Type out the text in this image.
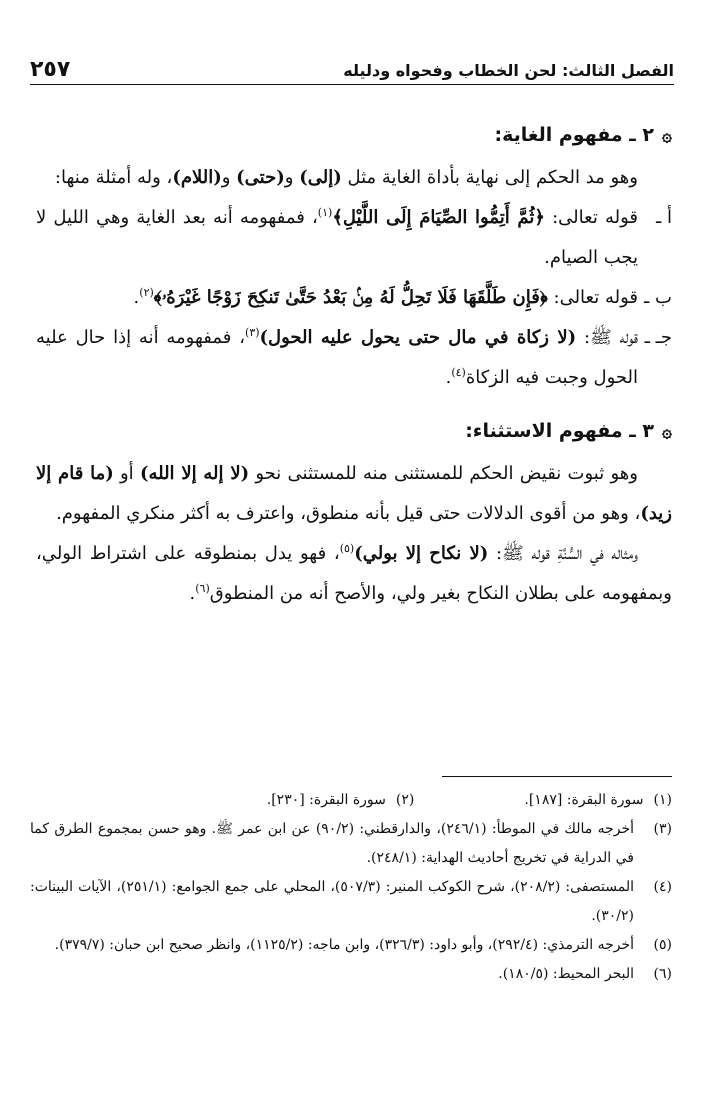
الفصل الثالث: لحن الخطاب وفحواه ودليله
٢٥٧
۞
٢ ـ مفهوم الغاية:

وهو مد الحكم إلى نهاية بأداة الغاية مثل (إلى) و(حتى) و(اللام)، وله أمثلة منها:

أ ـ
قوله تعالى: ﴿ثُمَّ أَتِمُّوا الصِّيَامَ إِلَى اللَّيْلِ﴾$^{(١)}$، فمفهومه أنه بعد الغاية وهي الليل لا يجب الصيام.
ب ـ
قوله تعالى: ﴿فَإِن طَلَّقَهَا فَلَا تَحِلُّ لَهُ مِنۢ بَعْدُ حَتَّىٰ تَنكِحَ زَوْجًا غَيْرَهُۥ﴾$^{(٢)}$.
جـ ـ
قوله ﷺ: (لا زكاة في مال حتى يحول عليه الحول)$^{(٣)}$، فمفهومه أنه إذا حال عليه الحول وجبت فيه الزكاة$^{(٤)}$.
۞
٣ ـ مفهوم الاستثناء:

وهو ثبوت نقيض الحكم للمستثنى منه للمستثنى نحو (لا إله إلا الله) أو (ما قام إلا زيد)، وهو من أقوى الدلالات حتى قيل بأنه منطوق، واعترف به أكثر منكري المفهوم.

ومثاله في السُّنَّةِ قوله ﷺ: (لا نكاح إلا بولي)$^{(٥)}$، فهو يدل بمنطوقه على اشتراط الولي، وبمفهومه على بطلان النكاح بغير ولي، والأصح أنه من المنطوق$^{(٦)}$.

(١)
سورة البقرة: [١٨٧].
(٢)
سورة البقرة: [٢٣٠].
(٣)
أخرجه مالك في الموطأ: (٢٤٦/١)، والدارقطني: (٩٠/٢) عن ابن عمر ﷺ. وهو حسن بمجموع الطرق كما في الدراية في تخريج أحاديث الهداية: (٢٤٨/١).
(٤)
المستصفى: (٢٠٨/٢)، شرح الكوكب المنير: (٥٠٧/٣)، المحلي على جمع الجوامع: (٢٥١/١)، الآيات البينات: (٣٠/٢).
(٥)
أخرجه الترمذي: (٢٩٢/٤)، وأبو داود: (٣٢٦/٣)، وابن ماجه: (١١٢٥/٢)، وانظر صحيح ابن حبان: (٣٧٩/٧).
(٦)
البحر المحيط: (١٨٠/٥).
